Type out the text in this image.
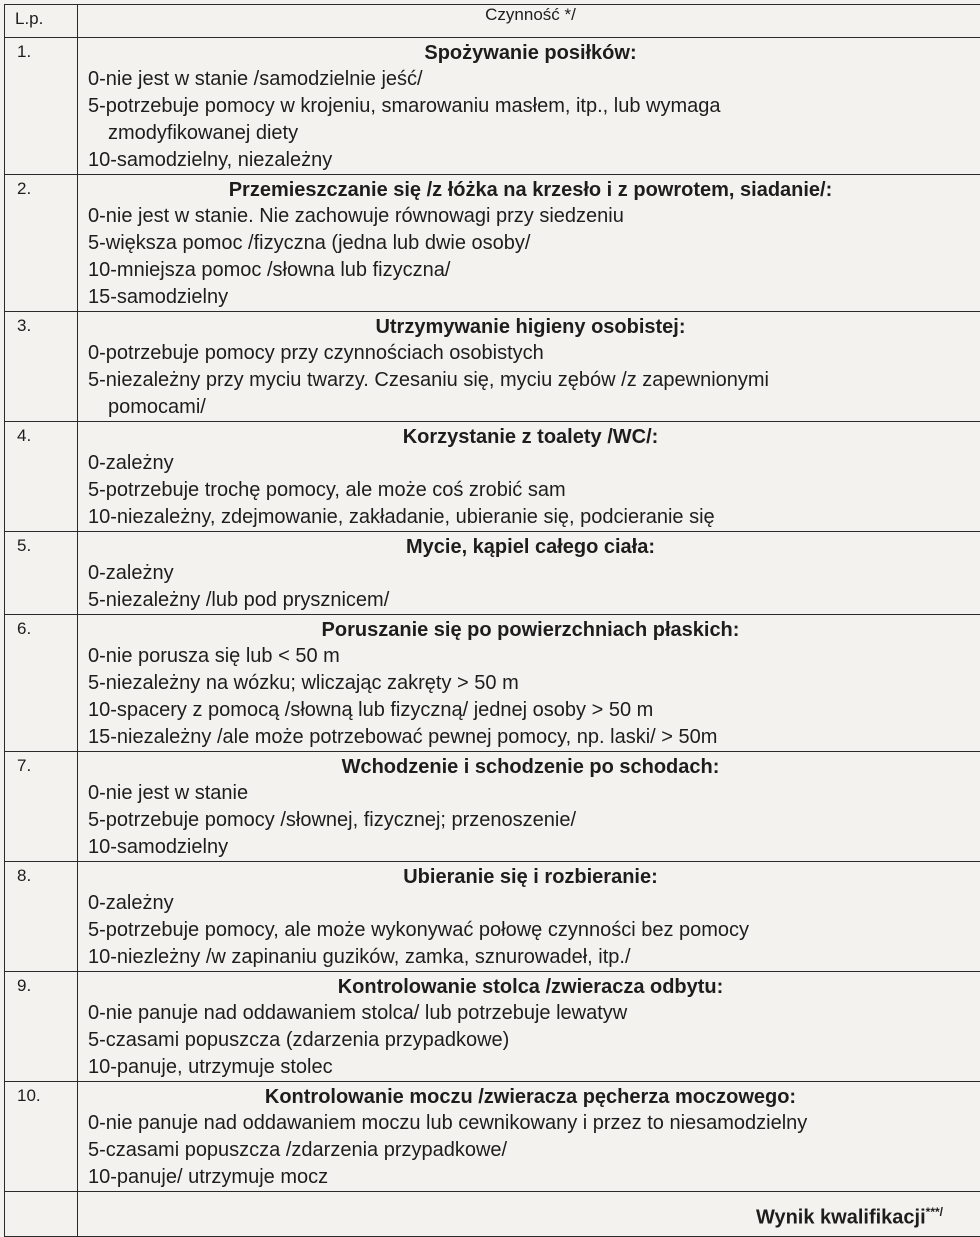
L.p.	Czynność */
1.	Spożywanie posiłków:
0-nie jest w stanie /samodzielnie jeść/
5-potrzebuje pomocy w krojeniu, smarowaniu masłem, itp., lub wymaga
zmodyfikowanej diety
10-samodzielny, niezależny

2.	Przemieszczanie się /z łóżka na krzesło i z powrotem, siadanie/:
0-nie jest w stanie. Nie zachowuje równowagi przy siedzeniu
5-większa pomoc /fizyczna (jedna lub dwie osoby/
10-mniejsza pomoc /słowna lub fizyczna/
15-samodzielny

3.	Utrzymywanie higieny osobistej:
0-potrzebuje pomocy przy czynnościach osobistych
5-niezależny przy myciu twarzy. Czesaniu się, myciu zębów /z zapewnionymi
pomocami/

4.	Korzystanie z toalety /WC/:
0-zależny
5-potrzebuje trochę pomocy, ale może coś zrobić sam
10-niezależny, zdejmowanie, zakładanie, ubieranie się, podcieranie się

5.	Mycie, kąpiel całego ciała:
0-zależny
5-niezależny /lub pod prysznicem/

6.	Poruszanie się po powierzchniach płaskich:
0-nie porusza się lub < 50 m
5-niezależny na wózku; wliczając zakręty > 50 m
10-spacery z pomocą /słowną lub fizyczną/ jednej osoby > 50 m
15-niezależny /ale może potrzebować pewnej pomocy, np. laski/ > 50m

7.	Wchodzenie i schodzenie po schodach:
0-nie jest w stanie
5-potrzebuje pomocy /słownej, fizycznej; przenoszenie/
10-samodzielny

8.	Ubieranie się i rozbieranie:
0-zależny
5-potrzebuje pomocy, ale może wykonywać połowę czynności bez pomocy
10-niezleżny /w zapinaniu guzików, zamka, sznurowadeł, itp./

9.	Kontrolowanie stolca /zwieracza odbytu:
0-nie panuje nad oddawaniem stolca/ lub potrzebuje lewatyw
5-czasami popuszcza (zdarzenia przypadkowe)
10-panuje, utrzymuje stolec

10.	Kontrolowanie moczu /zwieracza pęcherza moczowego:
0-nie panuje nad oddawaniem moczu lub cewnikowany i przez to niesamodzielny
5-czasami popuszcza /zdarzenia przypadkowe/
10-panuje/ utrzymuje mocz

	Wynik kwalifikacji***/
